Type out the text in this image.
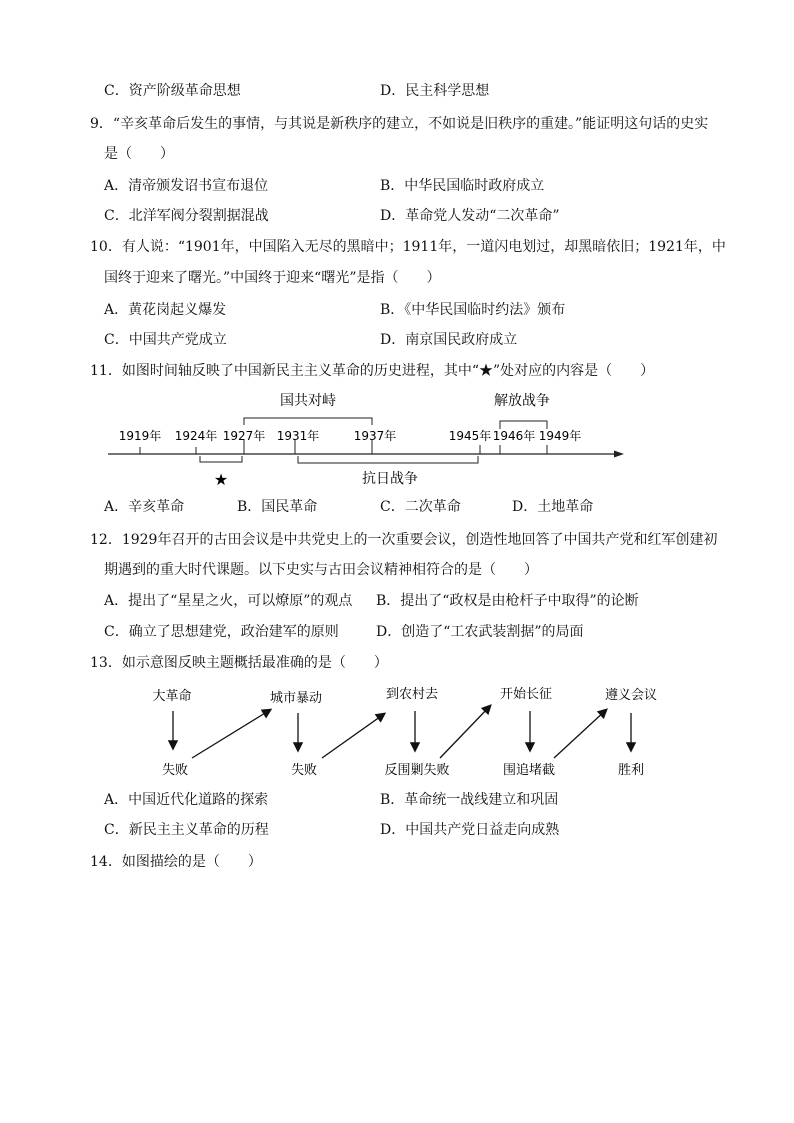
C．资产阶级革命思想	D．民主科学思想
9．“辛亥革命后发生的事情，与其说是新秩序的建立，不如说是旧秩序的重建。”能证明这句话的史实
是（　　）
A．清帝颁发诏书宣布退位	B．中华民国临时政府成立
C．北洋军阀分裂割据混战	D．革命党人发动“二次革命”
10．有人说：“1901年，中国陷入无尽的黑暗中；1911年，一道闪电划过，却黑暗依旧；1921年，中
国终于迎来了曙光。”中国终于迎来“曙光”是指（　　）
A．黄花岗起义爆发	B．《中华民国临时约法》颁布
C．中国共产党成立	D．南京国民政府成立
11．如图时间轴反映了中国新民主主义革命的历史进程，其中“★”处对应的内容是（　　）
1919年 1924年 1927年 1931年	1937年	1945年 1946年 1949年
国共对峙	解放战争
★	抗日战争
A．辛亥革命	B．国民革命	C．二次革命	D．土地革命
12．1929年召开的古田会议是中共党史上的一次重要会议，创造性地回答了中国共产党和红军创建初
期遇到的重大时代课题。以下史实与古田会议精神相符合的是（　　）
A．提出了“星星之火，可以燎原”的观点 B．提出了“政权是由枪杆子中取得”的论断
C．确立了思想建党，政治建军的原则	D．创造了“工农武装割据”的局面
13．如示意图反映主题概括最准确的是（　　）
大革命	城市暴动	到农村去	开始长征	遵义会议
失败	失败	反围剿失败	围追堵截	胜利
A．中国近代化道路的探索	B．革命统一战线建立和巩固
C．新民主主义革命的历程	D．中国共产党日益走向成熟
14．如图描绘的是（　　）
